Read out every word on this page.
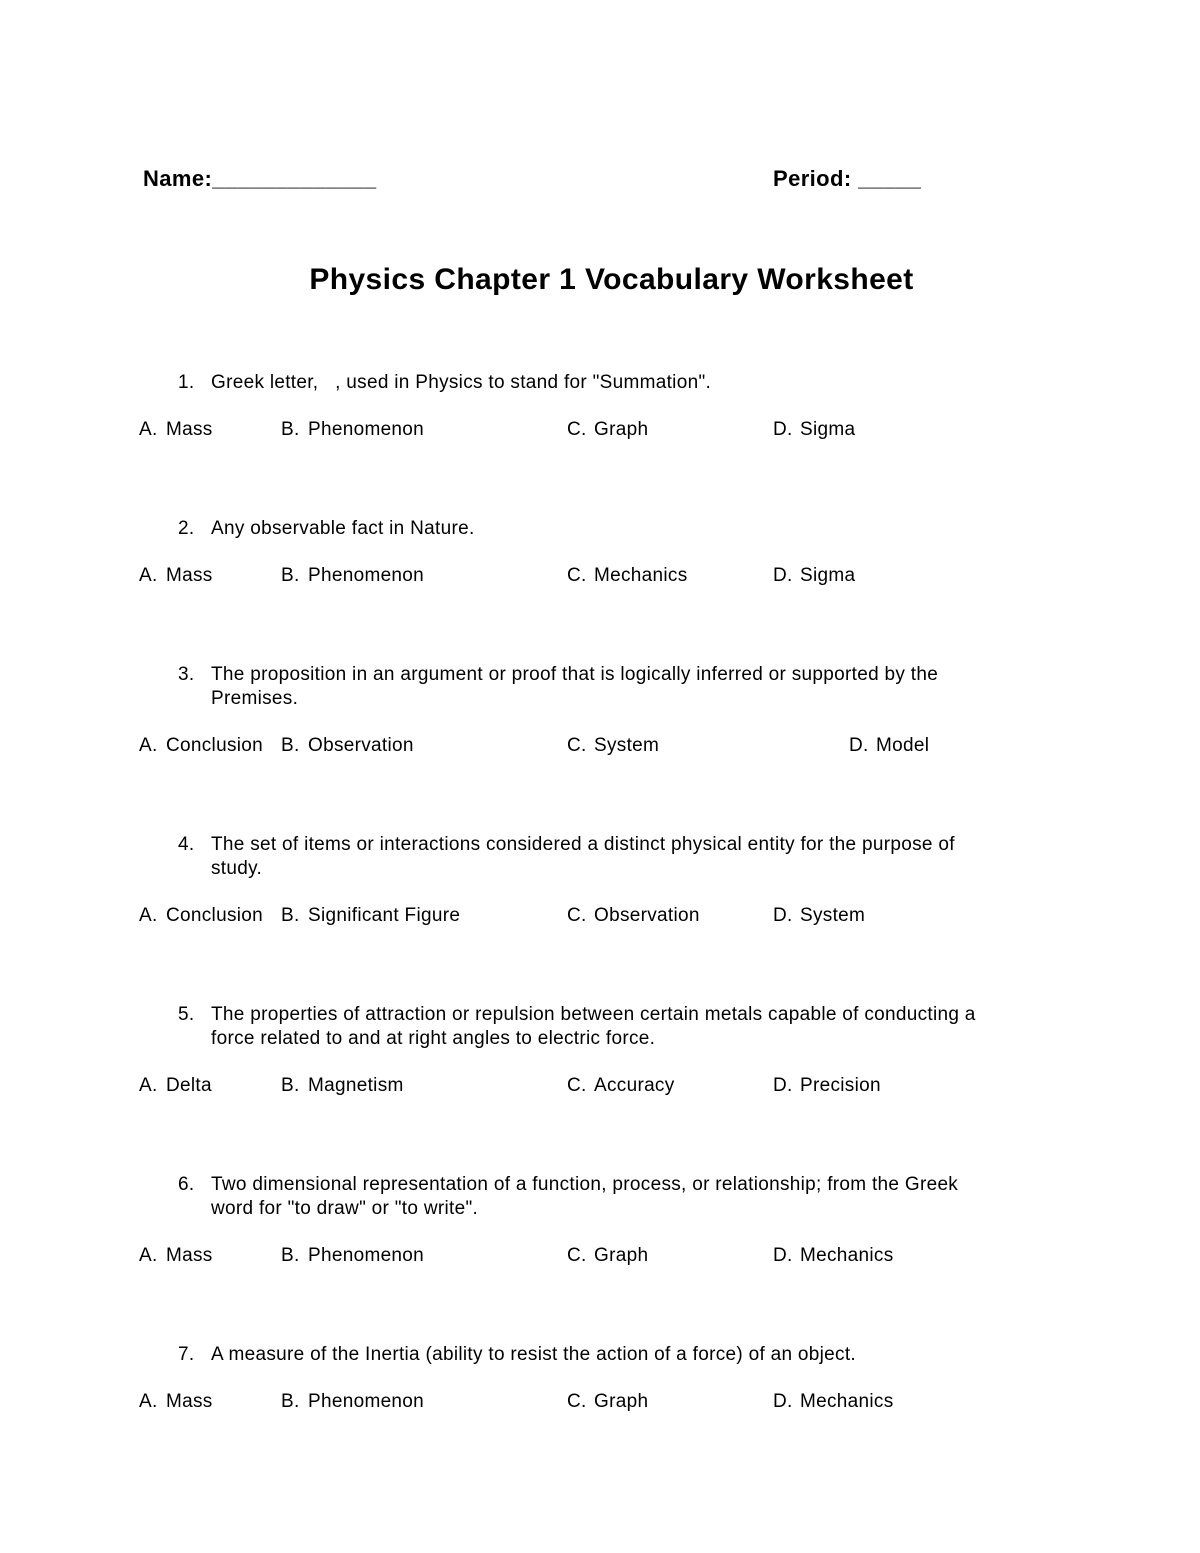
Name:_____________	Period: _____
Physics Chapter 1 Vocabulary Worksheet
1. Greek letter,   , used in Physics to stand for "Summation".
A. Mass	B. Phenomenon	C. Graph	D. Sigma
2. Any observable fact in Nature.
A. Mass	B. Phenomenon	C. Mechanics	D. Sigma
3. The proposition in an argument or proof that is logically inferred or supported by the
Premises.
A. Conclusion B. Observation	C. System	D. Model
4. The set of items or interactions considered a distinct physical entity for the purpose of
study.
A. Conclusion B. Significant Figure	C. Observation	D. System
5. The properties of attraction or repulsion between certain metals capable of conducting a
force related to and at right angles to electric force.
A. Delta	B. Magnetism	C. Accuracy	D. Precision
6. Two dimensional representation of a function, process, or relationship; from the Greek
word for "to draw" or "to write".
A. Mass	B. Phenomenon	C. Graph	D. Mechanics
7. A measure of the Inertia (ability to resist the action of a force) of an object.
A. Mass	B. Phenomenon	C. Graph	D. Mechanics
